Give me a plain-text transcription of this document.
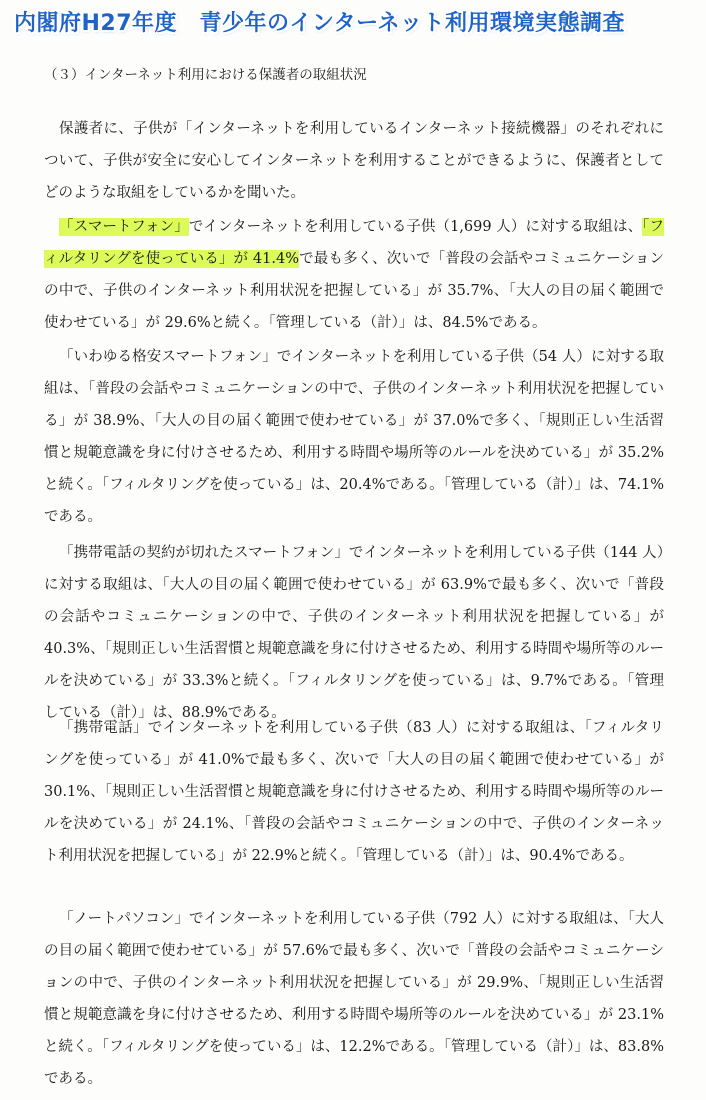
内閣府H27年度　青少年のインターネット利用環境実態調査
（３）インターネット利用における保護者の取組状況

保護者に、子供が「インターネットを利用しているインターネット接続機器」のそれぞれについて、子供が安全に安心してインターネットを利用することができるように、保護者としてどのような取組をしているかを聞いた。

「スマートフォン」でインターネットを利用している子供（1,699 人）に対する取組は、「フィルタリングを使っている」が 41.4%で最も多く、次いで「普段の会話やコミュニケーションの中で、子供のインターネット利用状況を把握している」が 35.7%、「大人の目の届く範囲で使わせている」が 29.6%と続く。「管理している（計）」は、84.5%である。

「いわゆる格安スマートフォン」でインターネットを利用している子供（54 人）に対する取組は、「普段の会話やコミュニケーションの中で、子供のインターネット利用状況を把握している」が 38.9%、「大人の目の届く範囲で使わせている」が 37.0%で多く、「規則正しい生活習慣と規範意識を身に付けさせるため、利用する時間や場所等のルールを決めている」が 35.2%と続く。「フィルタリングを使っている」は、20.4%である。「管理している（計）」は、74.1%である。

「携帯電話の契約が切れたスマートフォン」でインターネットを利用している子供（144 人）に対する取組は、「大人の目の届く範囲で使わせている」が 63.9%で最も多く、次いで「普段の会話やコミュニケーションの中で、子供のインターネット利用状況を把握している」が 40.3%、「規則正しい生活習慣と規範意識を身に付けさせるため、利用する時間や場所等のルールを決めている」が 33.3%と続く。「フィルタリングを使っている」は、9.7%である。「管理している（計）」は、88.9%である。

「携帯電話」でインターネットを利用している子供（83 人）に対する取組は、「フィルタリングを使っている」が 41.0%で最も多く、次いで「大人の目の届く範囲で使わせている」が 30.1%、「規則正しい生活習慣と規範意識を身に付けさせるため、利用する時間や場所等のルールを決めている」が 24.1%、「普段の会話やコミュニケーションの中で、子供のインターネット利用状況を把握している」が 22.9%と続く。「管理している（計）」は、90.4%である。

「ノートパソコン」でインターネットを利用している子供（792 人）に対する取組は、「大人の目の届く範囲で使わせている」が 57.6%で最も多く、次いで「普段の会話やコミュニケーションの中で、子供のインターネット利用状況を把握している」が 29.9%、「規則正しい生活習慣と規範意識を身に付けさせるため、利用する時間や場所等のルールを決めている」が 23.1%と続く。「フィルタリングを使っている」は、12.2%である。「管理している（計）」は、83.8%である。
